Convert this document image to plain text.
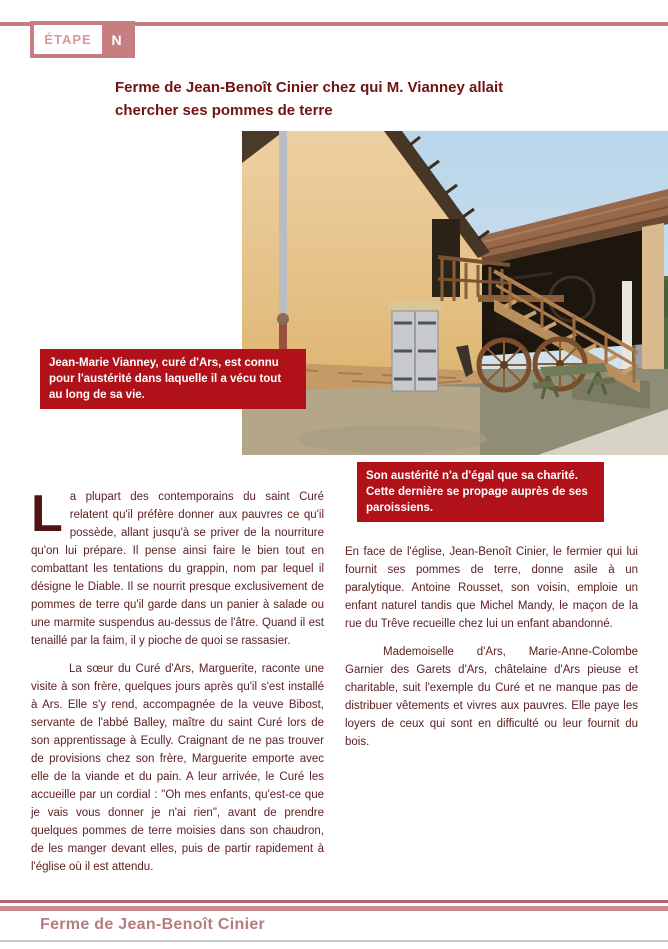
ÉTAPE	N
Ferme de Jean-Benoît Cinier chez qui M. Vianney allait chercher ses pommes de terre
Jean-Marie Vianney, curé d'Ars, est connu pour l'austérité dans laquelle il a vécu tout au long de sa vie.
Son austérité n'a d'égal que sa charité. Cette dernière se propage auprès de ses paroissiens.

La plupart des contemporains du saint Curé relatent qu'il préfère donner aux pauvres ce qu'il possède, allant jusqu'à se priver de la nourriture qu'on lui prépare. Il pense ainsi faire le bien tout en combattant les tentations du grappin, nom par lequel il désigne le Diable. Il se nourrit presque exclusivement de pommes de terre qu'il garde dans un panier à salade ou une marmite suspendus au-dessus de l'âtre. Quand il est tenaillé par la faim, il y pioche de quoi se rassasier.

La sœur du Curé d'Ars, Marguerite, raconte une visite à son frère, quelques jours après qu'il s'est installé à Ars. Elle s'y rend, accompagnée de la veuve Bibost, servante de l'abbé Balley, maître du saint Curé lors de son apprentissage à Ecully. Craignant de ne pas trouver de provisions chez son frère, Marguerite emporte avec elle de la viande et du pain. A leur arrivée, le Curé les accueille par un cordial : "Oh mes enfants, qu'est-ce que je vais vous donner je n'ai rien", avant de prendre quelques pommes de terre moisies dans son chaudron, de les manger devant elles, puis de partir rapidement à l'église où il est attendu.

En face de l'église, Jean-Benoît Cinier, le fermier qui lui fournit ses pommes de terre, donne asile à un paralytique. Antoine Rousset, son voisin, emploie un enfant naturel tandis que Michel Mandy, le maçon de la rue du Trêve recueille chez lui un enfant abandonné.

Mademoiselle d'Ars, Marie-Anne-Colombe Garnier des Garets d'Ars, châtelaine d'Ars pieuse et charitable, suit l'exemple du Curé et ne manque pas de distribuer vêtements et vivres aux pauvres. Elle paye les loyers de ceux qui sont en difficulté ou leur fournit du bois.

Ferme de Jean-Benoît Cinier
